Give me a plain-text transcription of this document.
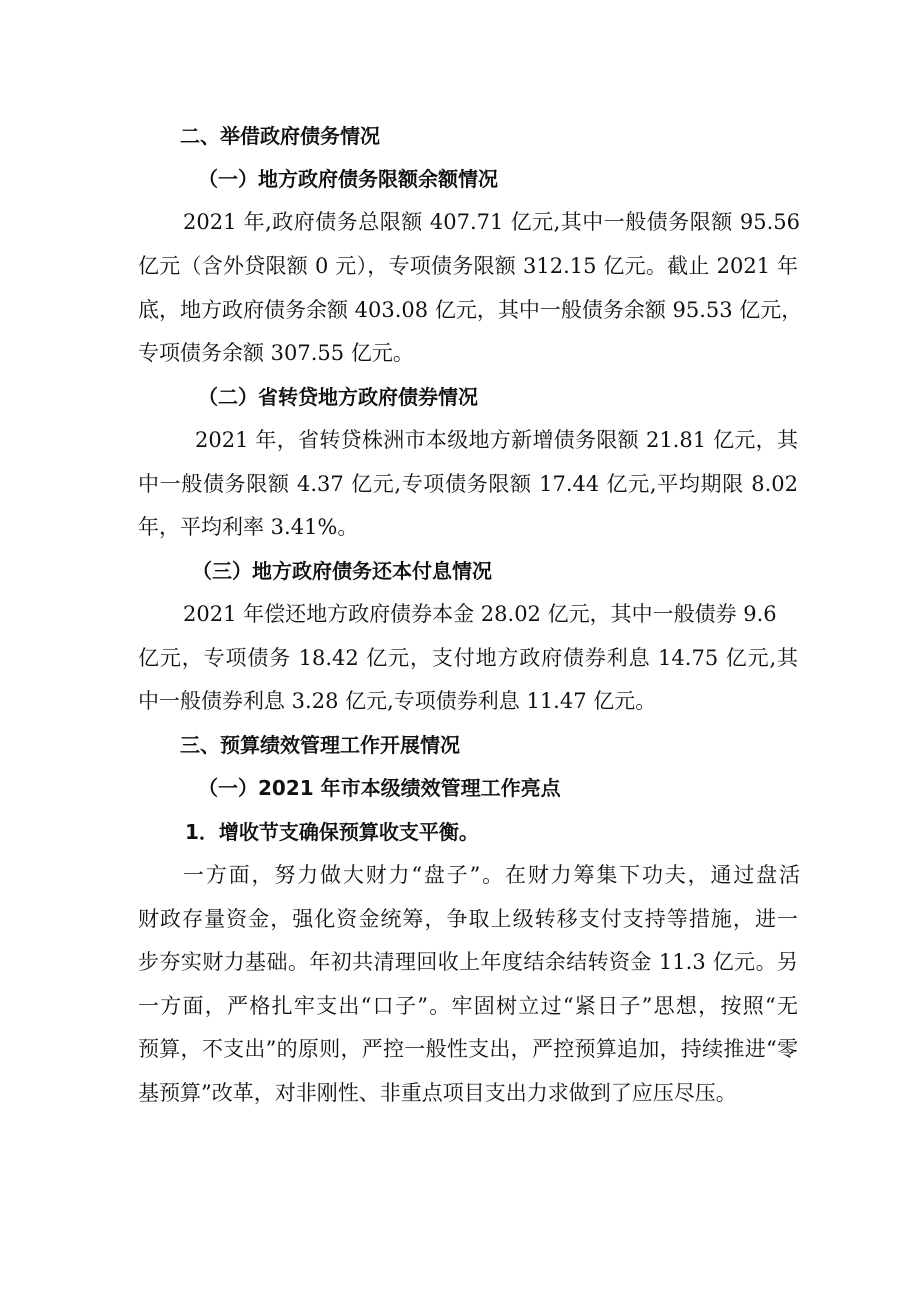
二、举借政府债务情况
（一）地方政府债务限额余额情况
2021 年,政府债务总限额 407.71 亿元,其中一般债务限额 95.56
亿元（含外贷限额 0 元），专项债务限额 312.15 亿元。截止 2021 年
底，地方政府债务余额 403.08 亿元，其中一般债务余额 95.53 亿元，
专项债务余额 307.55 亿元。
（二）省转贷地方政府债券情况
2021 年，省转贷株洲市本级地方新增债务限额 21.81 亿元，其
中一般债务限额 4.37 亿元,专项债务限额 17.44 亿元,平均期限 8.02
年，平均利率 3.41%。
（三）地方政府债务还本付息情况
2021 年偿还地方政府债券本金 28.02 亿元，其中一般债券 9.6
亿元，专项债务 18.42 亿元，支付地方政府债券利息 14.75 亿元,其
中一般债券利息 3.28 亿元,专项债券利息 11.47 亿元。
三、预算绩效管理工作开展情况
（一）2021 年市本级绩效管理工作亮点
1．增收节支确保预算收支平衡。
一方面，努力做大财力“盘子”。在财力筹集下功夫，通过盘活
财政存量资金，强化资金统筹，争取上级转移支付支持等措施，进一
步夯实财力基础。年初共清理回收上年度结余结转资金 11.3 亿元。另
一方面，严格扎牢支出“口子”。牢固树立过“紧日子”思想，按照“无
预算，不支出”的原则，严控一般性支出，严控预算追加，持续推进“零
基预算”改革，对非刚性、非重点项目支出力求做到了应压尽压。
